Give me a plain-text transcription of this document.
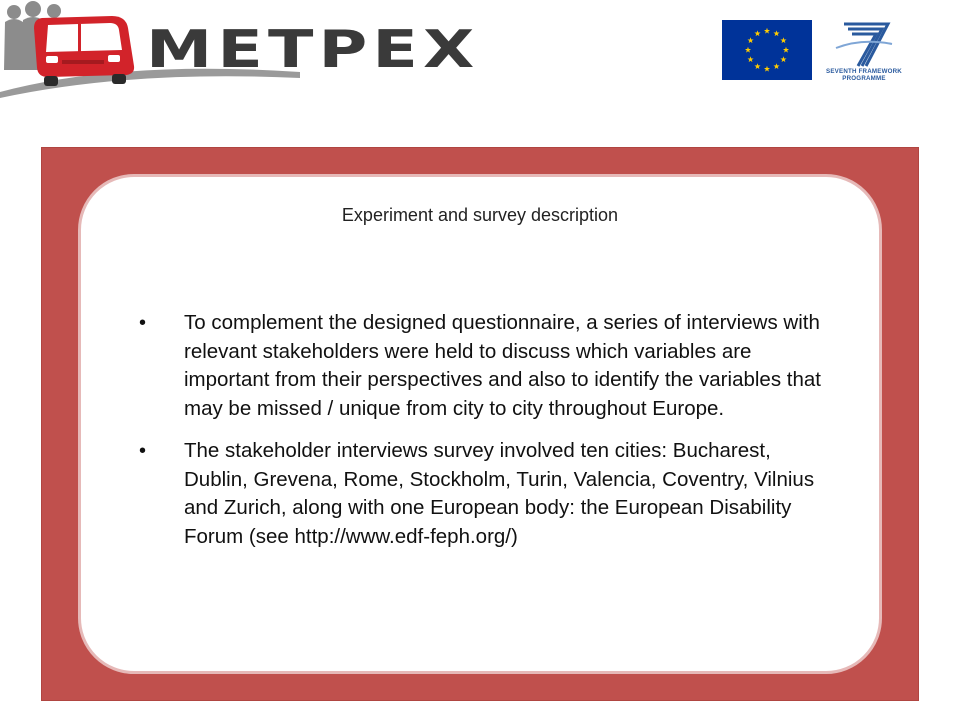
METPEX	SEVENTH FRAMEWORK PROGRAMME
Experiment and survey description
• To complement the designed questionnaire, a series of interviews with relevant stakeholders were held to discuss which variables are important from their perspectives and also to identify the variables that may be missed / unique from city to city throughout Europe.
• The stakeholder interviews survey involved ten cities: Bucharest, Dublin, Grevena, Rome, Stockholm, Turin, Valencia, Coventry, Vilnius and Zurich, along with one European body: the European Disability Forum (see http://www.edf-feph.org/)
